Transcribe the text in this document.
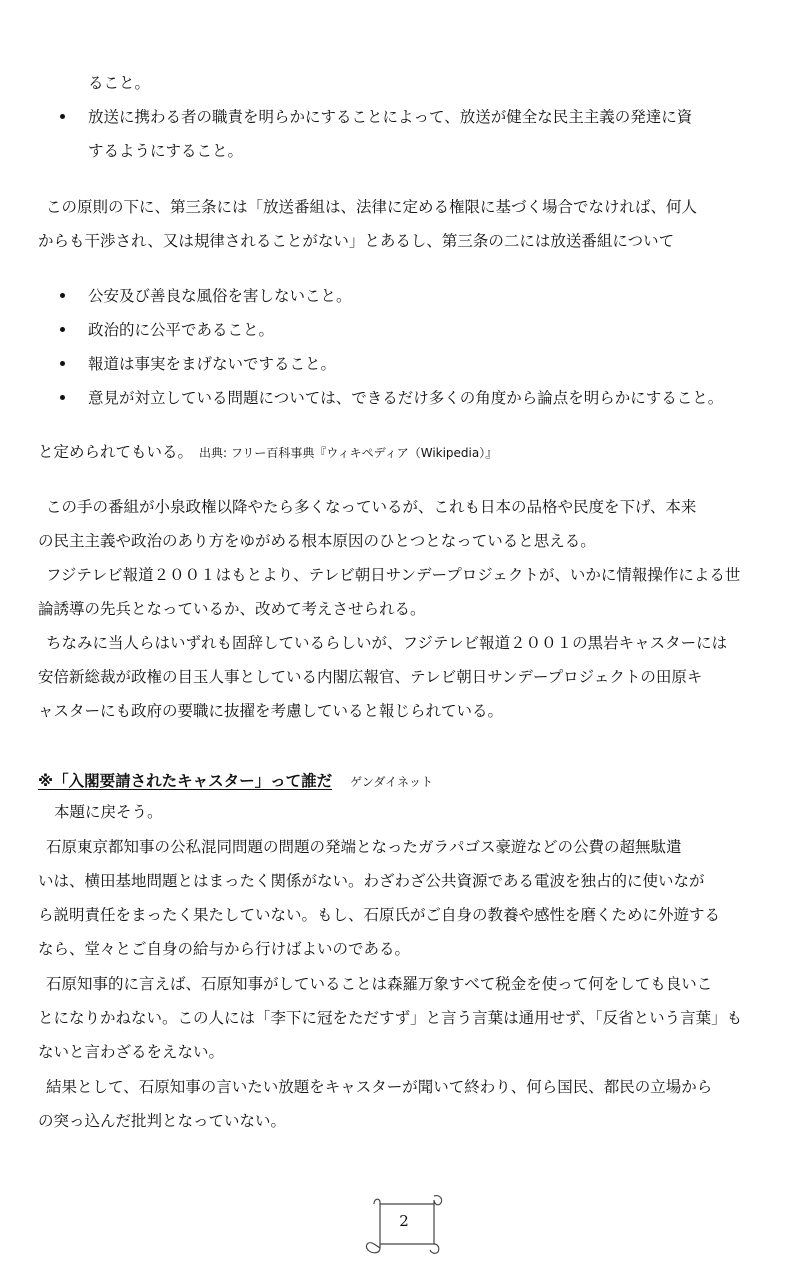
ること。
放送に携わる者の職責を明らかにすることによって、放送が健全な民主主義の発達に資
するようにすること。
この原則の下に、第三条には「放送番組は、法律に定める権限に基づく場合でなければ、何人
からも干渉され、又は規律されることがない」とあるし、第三条の二には放送番組について
公安及び善良な風俗を害しないこと。
政治的に公平であること。
報道は事実をまげないですること。
意見が対立している問題については、できるだけ多くの角度から論点を明らかにすること。
と定められてもいる。 出典: フリー百科事典『ウィキペディア（Wikipedia）』
この手の番組が小泉政権以降やたら多くなっているが、これも日本の品格や民度を下げ、本来
の民主主義や政治のあり方をゆがめる根本原因のひとつとなっていると思える。
フジテレビ報道２００１はもとより、テレビ朝日サンデープロジェクトが、いかに情報操作による世
論誘導の先兵となっているか、改めて考えさせられる。
ちなみに当人らはいずれも固辞しているらしいが、フジテレビ報道２００１の黒岩キャスターには
安倍新総裁が政権の目玉人事としている内閣広報官、テレビ朝日サンデープロジェクトの田原キ
ャスターにも政府の要職に抜擢を考慮していると報じられている。
※「入閣要請されたキャスター」って誰だ ゲンダイネット
本題に戻そう。
石原東京都知事の公私混同問題の問題の発端となったガラパゴス豪遊などの公費の超無駄遣
いは、横田基地問題とはまったく関係がない。わざわざ公共資源である電波を独占的に使いなが
ら説明責任をまったく果たしていない。もし、石原氏がご自身の教養や感性を磨くために外遊する
なら、堂々とご自身の給与から行けばよいのである。
石原知事的に言えば、石原知事がしていることは森羅万象すべて税金を使って何をしても良いこ
とになりかねない。この人には「李下に冠をただすず」と言う言葉は通用せず、「反省という言葉」も
ないと言わざるをえない。
結果として、石原知事の言いたい放題をキャスターが聞いて終わり、何ら国民、都民の立場から
の突っ込んだ批判となっていない。
2
